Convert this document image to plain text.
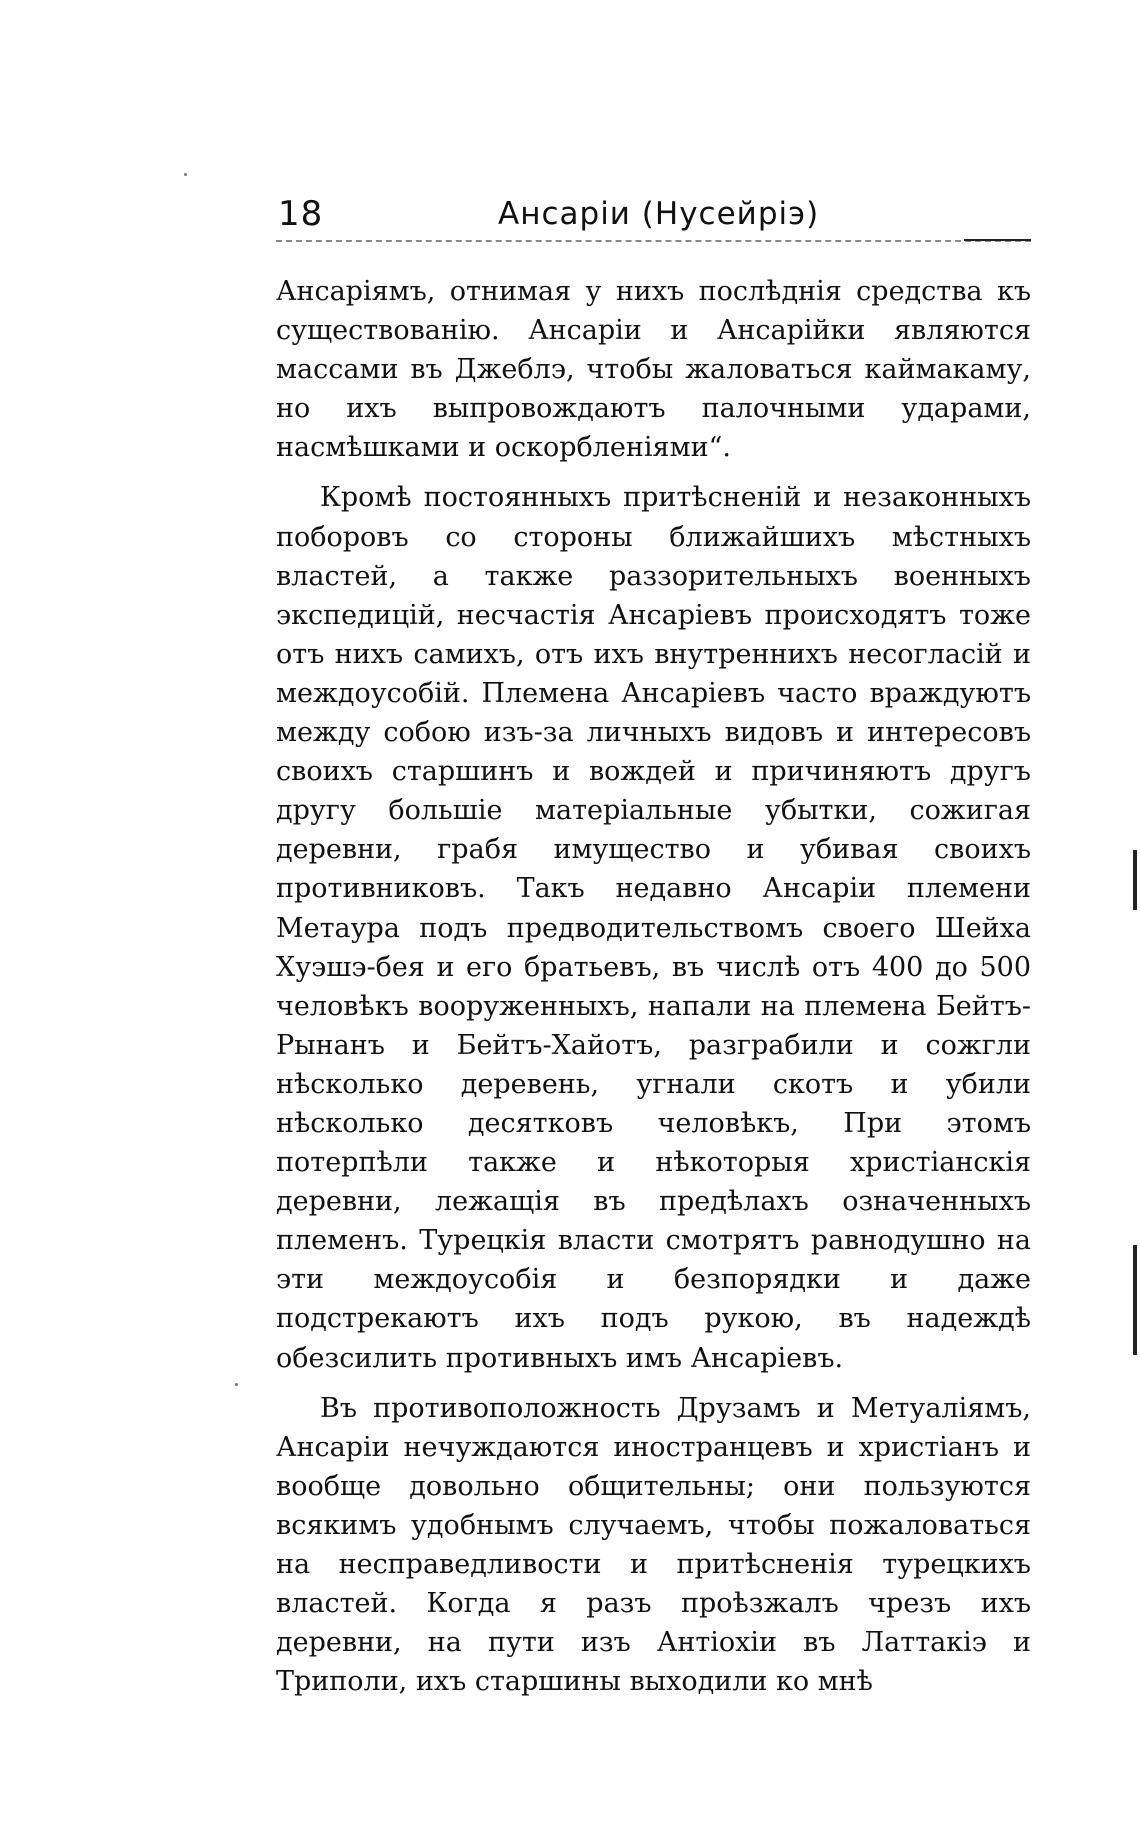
18	Ансаріи (Нусейріэ)

Ансаріямъ, отнимая у нихъ послѣднія средства къ существованію. Ансаріи и Ансарійки являются массами въ Джеблэ, чтобы жаловаться каймакаму, но ихъ выпровождаютъ палочными ударами, насмѣшками и оскорбленіями“.

Кромѣ постоянныхъ притѣсненій и незаконныхъ поборовъ со стороны ближайшихъ мѣстныхъ властей, а также раззорительныхъ военныхъ экспедицій, несчастія Ансаріевъ происходятъ тоже отъ нихъ самихъ, отъ ихъ внутреннихъ несогласій и междоусобій. Племена Ансаріевъ часто враждуютъ между собою изъ-за личныхъ видовъ и интересовъ своихъ старшинъ и вождей и причиняютъ другъ другу большіе матеріальные убытки, сожигая деревни, грабя имущество и убивая своихъ противниковъ. Такъ недавно Ансаріи племени Метаура подъ предводительствомъ своего Шейха Хуэшэ-бея и его братьевъ, въ числѣ отъ 400 до 500 человѣкъ вооруженныхъ, напали на племена Бейтъ-Рынанъ и Бейтъ-Хайотъ, разграбили и сожгли нѣсколько деревень, угнали скотъ и убили нѣсколько десятковъ человѣкъ, При этомъ потерпѣли также и нѣкоторыя христіанскія деревни, лежащія въ предѣлахъ означенныхъ племенъ. Турецкія власти смотрятъ равнодушно на эти междоусобія и безпорядки и даже подстрекаютъ ихъ подъ рукою, въ надеждѣ обезсилить противныхъ имъ Ансаріевъ.

Въ противоположность Друзамъ и Метуаліямъ, Ансаріи нечуждаются иностранцевъ и христіанъ и вообще довольно общительны; они пользуются всякимъ удобнымъ случаемъ, чтобы пожаловаться на несправедливости и притѣсненія турецкихъ властей. Когда я разъ проѣзжалъ чрезъ ихъ деревни, на пути изъ Антіохіи въ Латтакіэ и Триполи, ихъ старшины выходили ко мнѣ
